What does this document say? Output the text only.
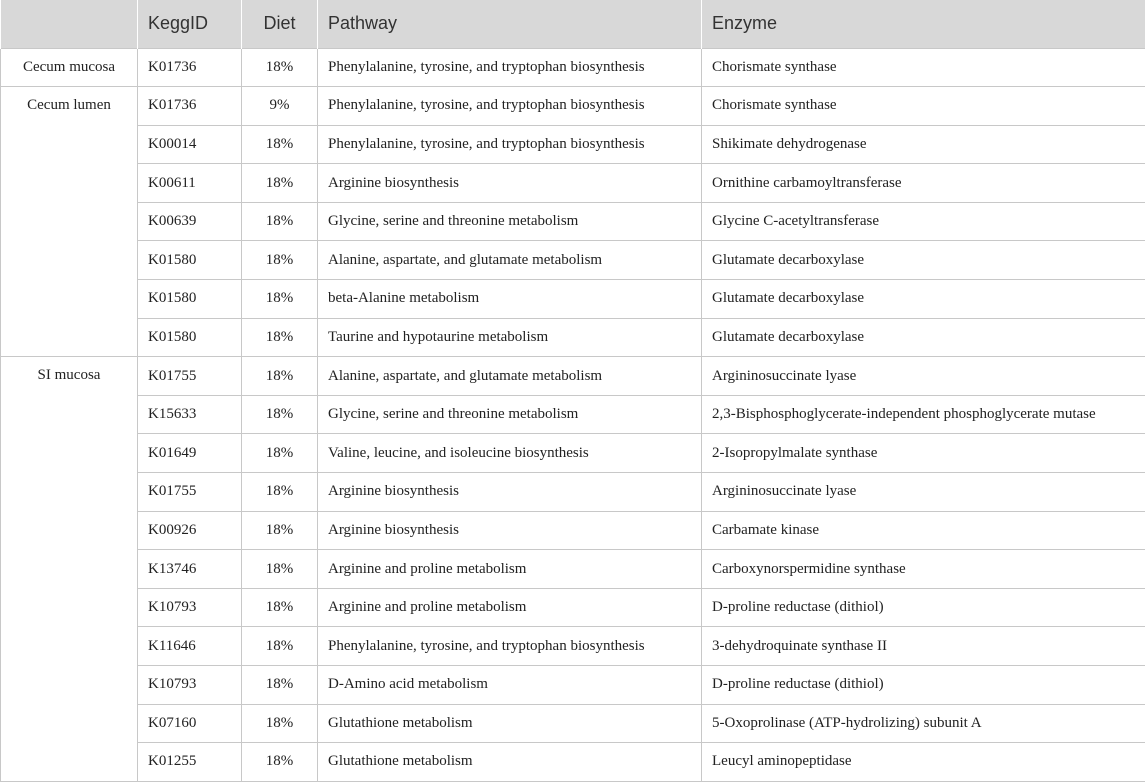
	KeggID	Diet	Pathway	Enzyme
Cecum mucosa	K01736	18%	Phenylalanine, tyrosine, and tryptophan biosynthesis	Chorismate synthase
Cecum lumen	K01736	9%	Phenylalanine, tyrosine, and tryptophan biosynthesis	Chorismate synthase
	K00014	18%	Phenylalanine, tyrosine, and tryptophan biosynthesis	Shikimate dehydrogenase
	K00611	18%	Arginine biosynthesis	Ornithine carbamoyltransferase
	K00639	18%	Glycine, serine and threonine metabolism	Glycine C-acetyltransferase
	K01580	18%	Alanine, aspartate, and glutamate metabolism	Glutamate decarboxylase
	K01580	18%	beta-Alanine metabolism	Glutamate decarboxylase
	K01580	18%	Taurine and hypotaurine metabolism	Glutamate decarboxylase
SI mucosa	K01755	18%	Alanine, aspartate, and glutamate metabolism	Argininosuccinate lyase
	K15633	18%	Glycine, serine and threonine metabolism	2,3-Bisphosphoglycerate-independent phosphoglycerate mutase
	K01649	18%	Valine, leucine, and isoleucine biosynthesis	2-Isopropylmalate synthase
	K01755	18%	Arginine biosynthesis	Argininosuccinate lyase
	K00926	18%	Arginine biosynthesis	Carbamate kinase
	K13746	18%	Arginine and proline metabolism	Carboxynorspermidine synthase
	K10793	18%	Arginine and proline metabolism	D-proline reductase (dithiol)
	K11646	18%	Phenylalanine, tyrosine, and tryptophan biosynthesis	3-dehydroquinate synthase II
	K10793	18%	D-Amino acid metabolism	D-proline reductase (dithiol)
	K07160	18%	Glutathione metabolism	5-Oxoprolinase (ATP-hydrolizing) subunit A
	K01255	18%	Glutathione metabolism	Leucyl aminopeptidase
